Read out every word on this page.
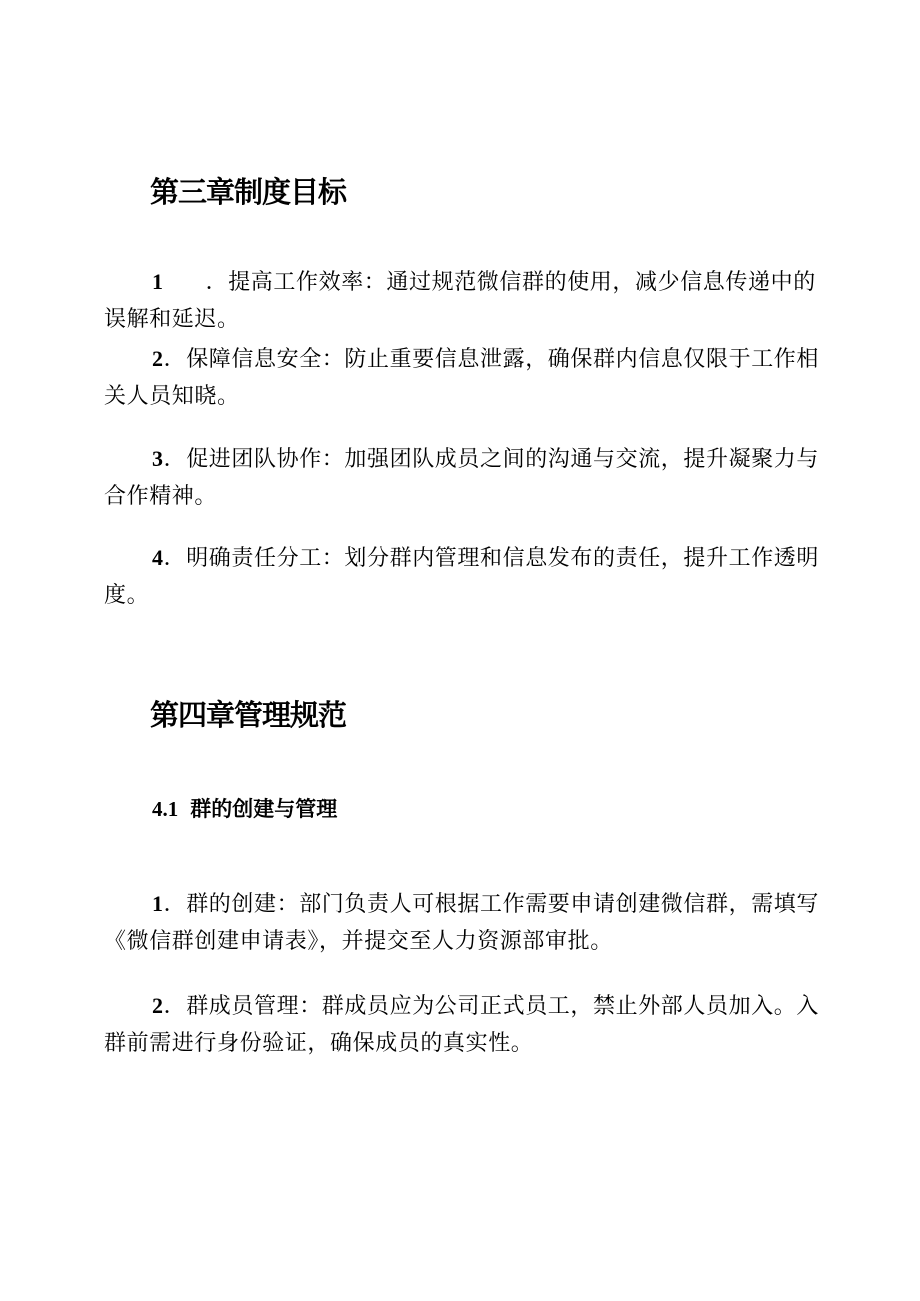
第三章制度目标

1 ．提高工作效率：通过规范微信群的使用，减少信息传递中的误解和延迟。

2．保障信息安全：防止重要信息泄露，确保群内信息仅限于工作相关人员知晓。

3．促进团队协作：加强团队成员之间的沟通与交流，提升凝聚力与合作精神。

4．明确责任分工：划分群内管理和信息发布的责任，提升工作透明度。

第四章管理规范
4.1 群的创建与管理

1．群的创建：部门负责人可根据工作需要申请创建微信群，需填写《微信群创建申请表》，并提交至人力资源部审批。

2．群成员管理：群成员应为公司正式员工，禁止外部人员加入。入群前需进行身份验证，确保成员的真实性。
